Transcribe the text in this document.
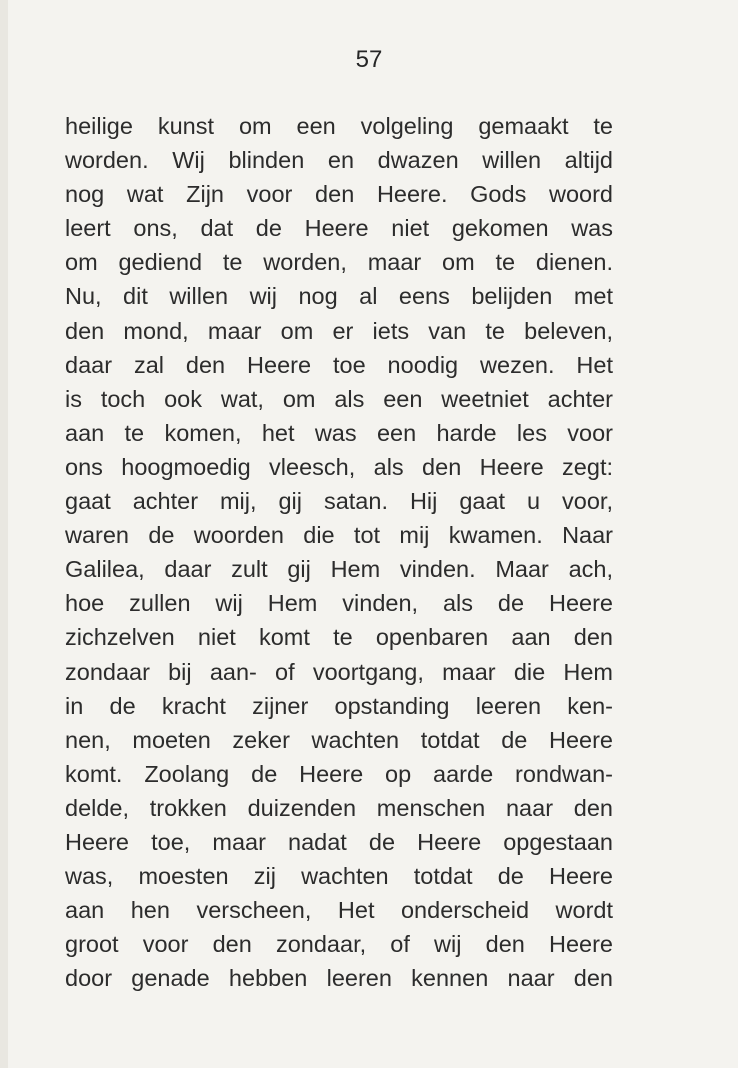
57
heilige kunst om een volgeling gemaakt te
worden. Wij blinden en dwazen willen altijd
nog wat Zijn voor den Heere. Gods woord
leert ons, dat de Heere niet gekomen was
om gediend te worden, maar om te dienen.
Nu, dit willen wij nog al eens belijden met
den mond, maar om er iets van te beleven,
daar zal den Heere toe noodig wezen. Het
is toch ook wat, om als een weetniet achter
aan te komen, het was een harde les voor
ons hoogmoedig vleesch, als den Heere zegt:
gaat achter mij, gij satan. Hij gaat u voor,
waren de woorden die tot mij kwamen. Naar
Galilea, daar zult gij Hem vinden. Maar ach,
hoe zullen wij Hem vinden, als de Heere
zichzelven niet komt te openbaren aan den
zondaar bij aan- of voortgang, maar die Hem
in de kracht zijner opstanding leeren ken-
nen, moeten zeker wachten totdat de Heere
komt. Zoolang de Heere op aarde rondwan-
delde, trokken duizenden menschen naar den
Heere toe, maar nadat de Heere opgestaan
was, moesten zij wachten totdat de Heere
aan hen verscheen, Het onderscheid wordt
groot voor den zondaar, of wij den Heere
door genade hebben leeren kennen naar den
